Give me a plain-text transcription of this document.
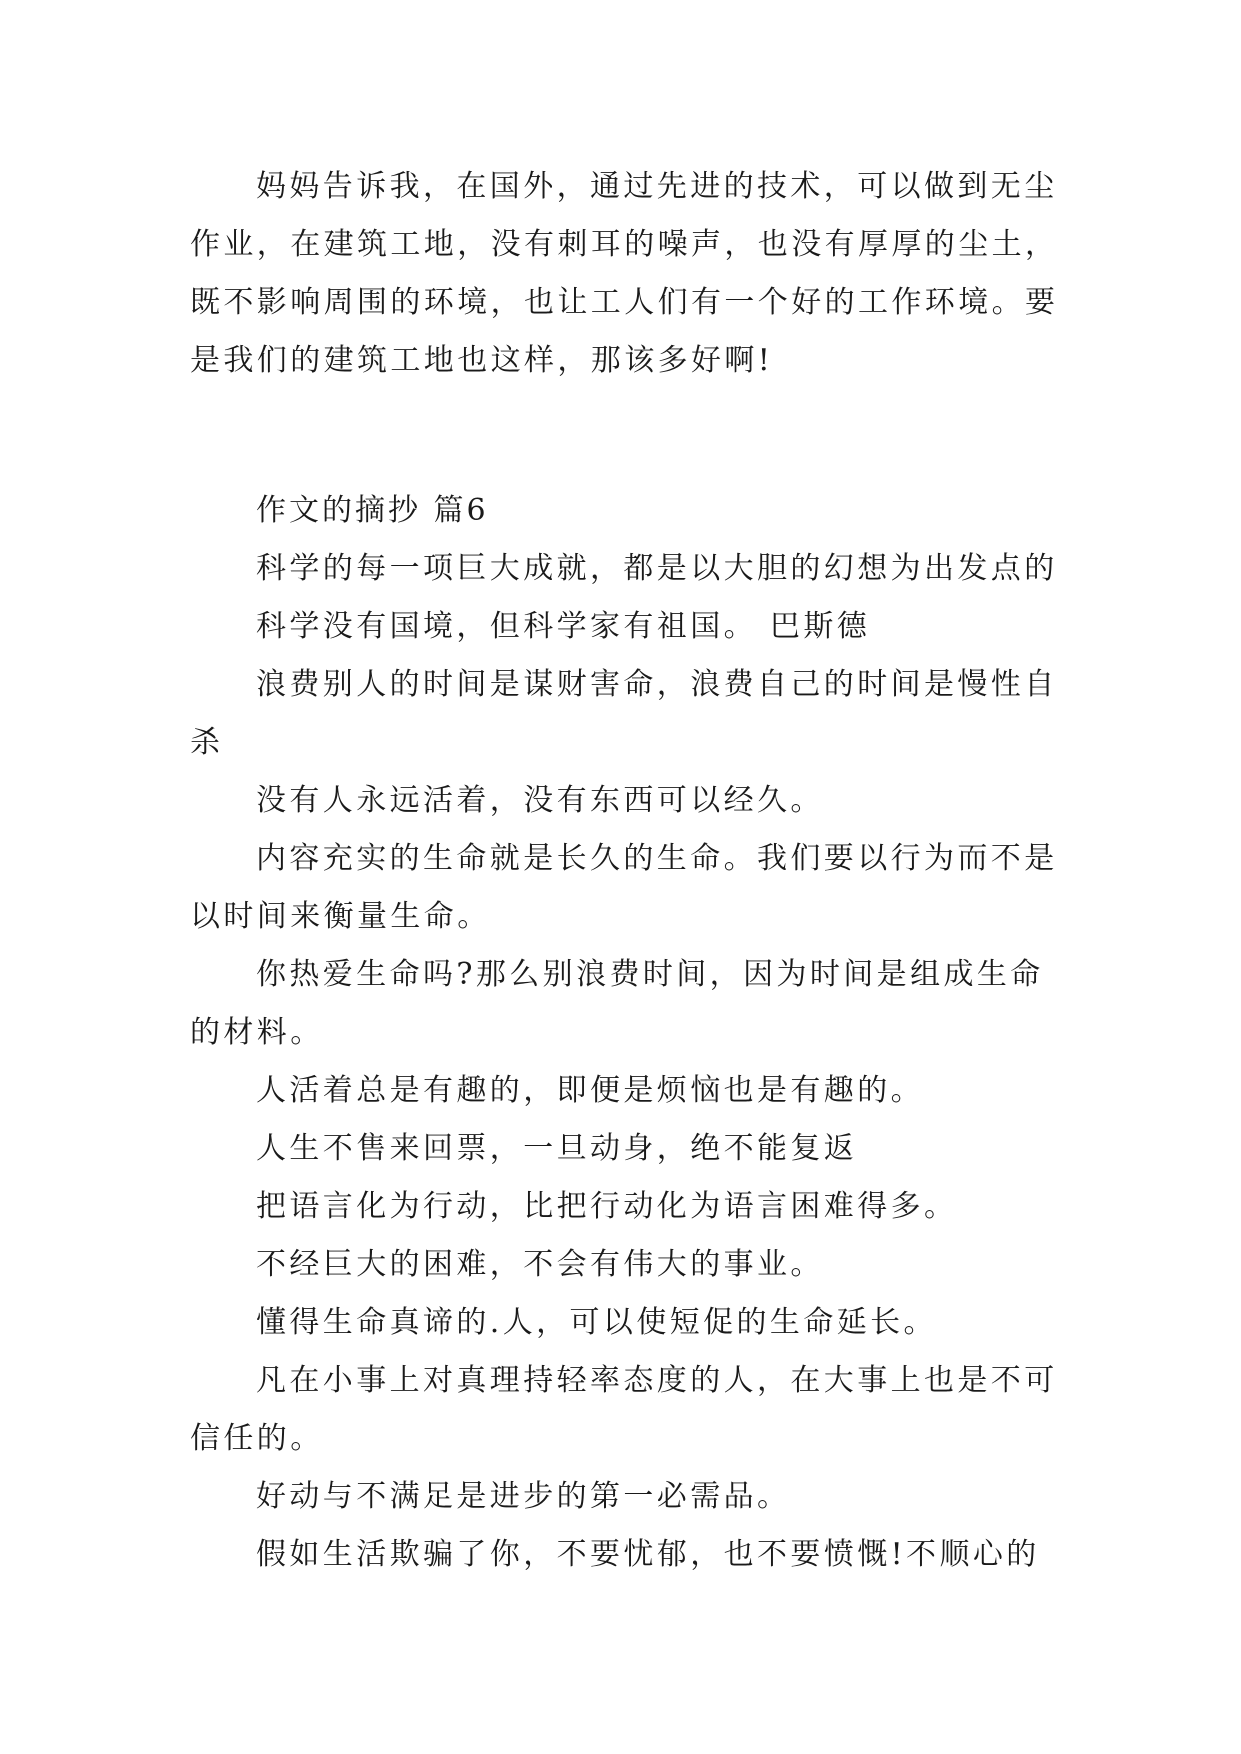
妈妈告诉我，在国外，通过先进的技术，可以做到无尘作业，在建筑工地，没有刺耳的噪声，也没有厚厚的尘土，既不影响周围的环境，也让工人们有一个好的工作环境。要是我们的建筑工地也这样，那该多好啊!

作文的摘抄 篇6

科学的每一项巨大成就，都是以大胆的幻想为出发点的

科学没有国境，但科学家有祖国。 巴斯德

浪费别人的时间是谋财害命，浪费自己的时间是慢性自杀

没有人永远活着，没有东西可以经久。

内容充实的生命就是长久的生命。我们要以行为而不是以时间来衡量生命。

你热爱生命吗?那么别浪费时间，因为时间是组成生命的材料。

人活着总是有趣的，即便是烦恼也是有趣的。

人生不售来回票，一旦动身，绝不能复返

把语言化为行动，比把行动化为语言困难得多。

不经巨大的困难，不会有伟大的事业。

懂得生命真谛的.人，可以使短促的生命延长。

凡在小事上对真理持轻率态度的人，在大事上也是不可信任的。

好动与不满足是进步的第一必需品。

假如生活欺骗了你，不要忧郁，也不要愤慨!不顺心的
